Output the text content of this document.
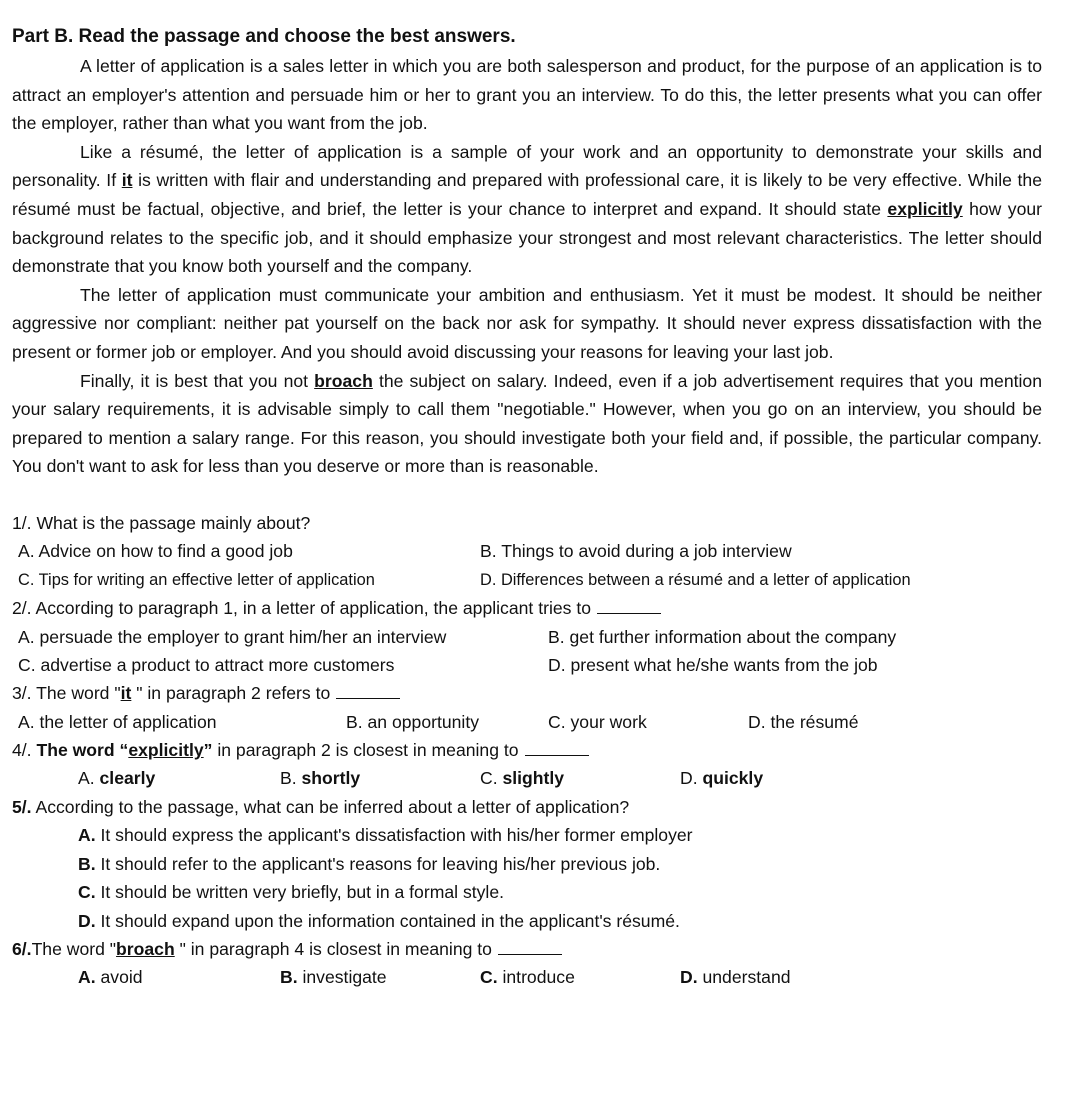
Part B. Read the passage and choose the best answers.

A letter of application is a sales letter in which you are both salesperson and product, for the purpose of an application is to attract an employer's attention and persuade him or her to grant you an interview. To do this, the letter presents what you can offer the employer, rather than what you want from the job.

Like a résumé, the letter of application is a sample of your work and an opportunity to demonstrate your skills and personality. If it is written with flair and understanding and prepared with professional care, it is likely to be very effective. While the résumé must be factual, objective, and brief, the letter is your chance to interpret and expand. It should state explicitly how your background relates to the specific job, and it should emphasize your strongest and most relevant characteristics. The letter should demonstrate that you know both yourself and the company.

The letter of application must communicate your ambition and enthusiasm. Yet it must be modest. It should be neither aggressive nor compliant: neither pat yourself on the back nor ask for sympathy. It should never express dissatisfaction with the present or former job or employer. And you should avoid discussing your reasons for leaving your last job.

Finally, it is best that you not broach the subject on salary. Indeed, even if a job advertisement requires that you mention your salary requirements, it is advisable simply to call them "negotiable." However, when you go on an interview, you should be prepared to mention a salary range. For this reason, you should investigate both your field and, if possible, the particular company. You don't want to ask for less than you deserve or more than is reasonable.

1/. What is the passage mainly about?
A. Advice on how to find a good job	B. Things to avoid during a job interview
C. Tips for writing an effective letter of application	D. Differences between a résumé and a letter of application
2/. According to paragraph 1, in a letter of application, the applicant tries to
A. persuade the employer to grant him/her an interview	B. get further information about the company
C. advertise a product to attract more customers	D. present what he/she wants from the job
3/. The word "it " in paragraph 2 refers to
A. the letter of application	B. an opportunity	C. your work	D. the résumé
4/. The word “explicitly” in paragraph 2 is closest in meaning to
A. clearly	B. shortly	C. slightly	D. quickly
5/. According to the passage, what can be inferred about a letter of application?
A. It should express the applicant's dissatisfaction with his/her former employer
B. It should refer to the applicant's reasons for leaving his/her previous job.
C. It should be written very briefly, but in a formal style.
D. It should expand upon the information contained in the applicant's résumé.
6/.The word "broach " in paragraph 4 is closest in meaning to
A. avoid	B. investigate	C. introduce	D. understand
